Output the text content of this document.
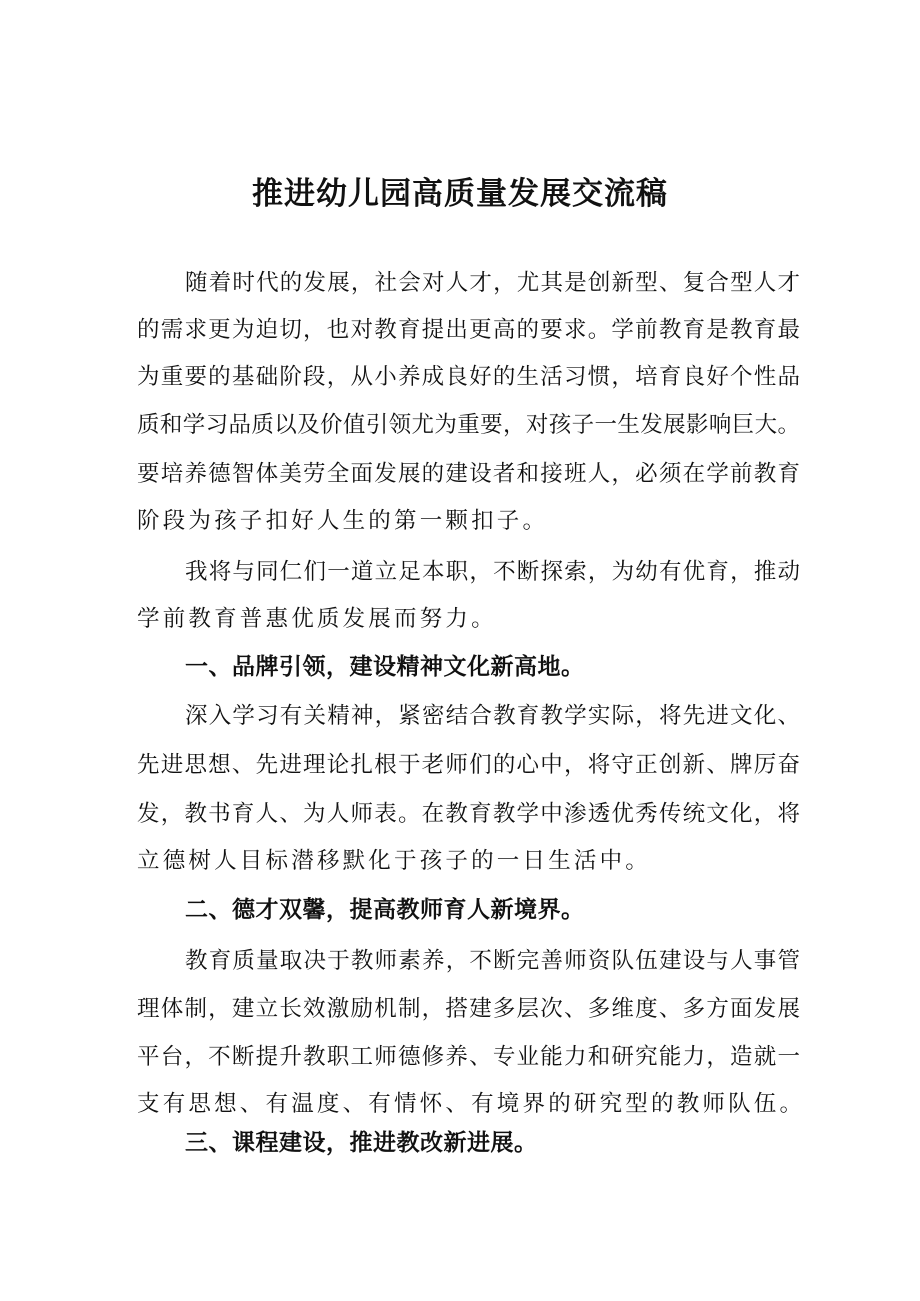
推进幼儿园高质量发展交流稿
随着时代的发展，社会对人才，尤其是创新型、复合型人才
的需求更为迫切，也对教育提出更高的要求。学前教育是教育最
为重要的基础阶段，从小养成良好的生活习惯，培育良好个性品
质和学习品质以及价值引领尤为重要，对孩子一生发展影响巨大。
要培养德智体美劳全面发展的建设者和接班人，必须在学前教育
阶段为孩子扣好人生的第一颗扣子。
我将与同仁们一道立足本职，不断探索，为幼有优育，推动
学前教育普惠优质发展而努力。
一、品牌引领，建设精神文化新高地。
深入学习有关精神，紧密结合教育教学实际，将先进文化、
先进思想、先进理论扎根于老师们的心中，将守正创新、牌厉奋
发，教书育人、为人师表。在教育教学中渗透优秀传统文化，将
立德树人目标潜移默化于孩子的一日生活中。
二、德才双馨，提高教师育人新境界。
教育质量取决于教师素养，不断完善师资队伍建设与人事管
理体制，建立长效激励机制，搭建多层次、多维度、多方面发展
平台，不断提升教职工师德修养、专业能力和研究能力，造就一
支有思想、有温度、有情怀、有境界的研究型的教师队伍。
三、课程建设，推进教改新进展。
